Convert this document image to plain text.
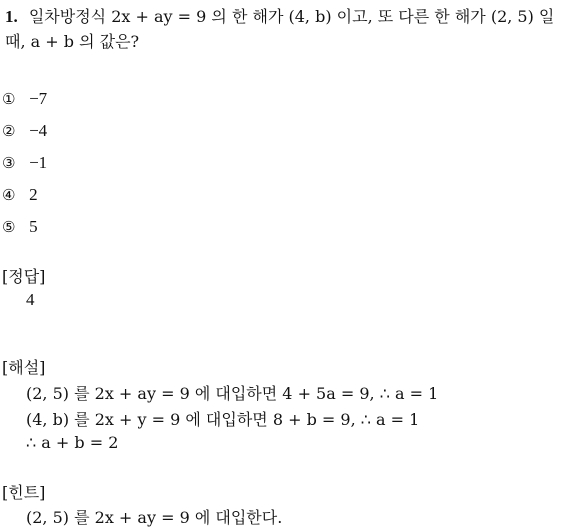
1. 일차방정식 2x + ay = 9 의 한 해가 (4, b) 이고, 또 다른 한 해가 (2, 5) 일
때, a + b 의 값은?
① −7
② −4
③ −1
④ 2
⑤ 5
[정답]
4
[해설]
(2, 5) 를 2x + ay = 9 에 대입하면 4 + 5a = 9, ∴ a = 1
(4, b) 를 2x + y = 9 에 대입하면 8 + b = 9, ∴ a = 1
∴ a + b = 2
[힌트]
(2, 5) 를 2x + ay = 9 에 대입한다.
